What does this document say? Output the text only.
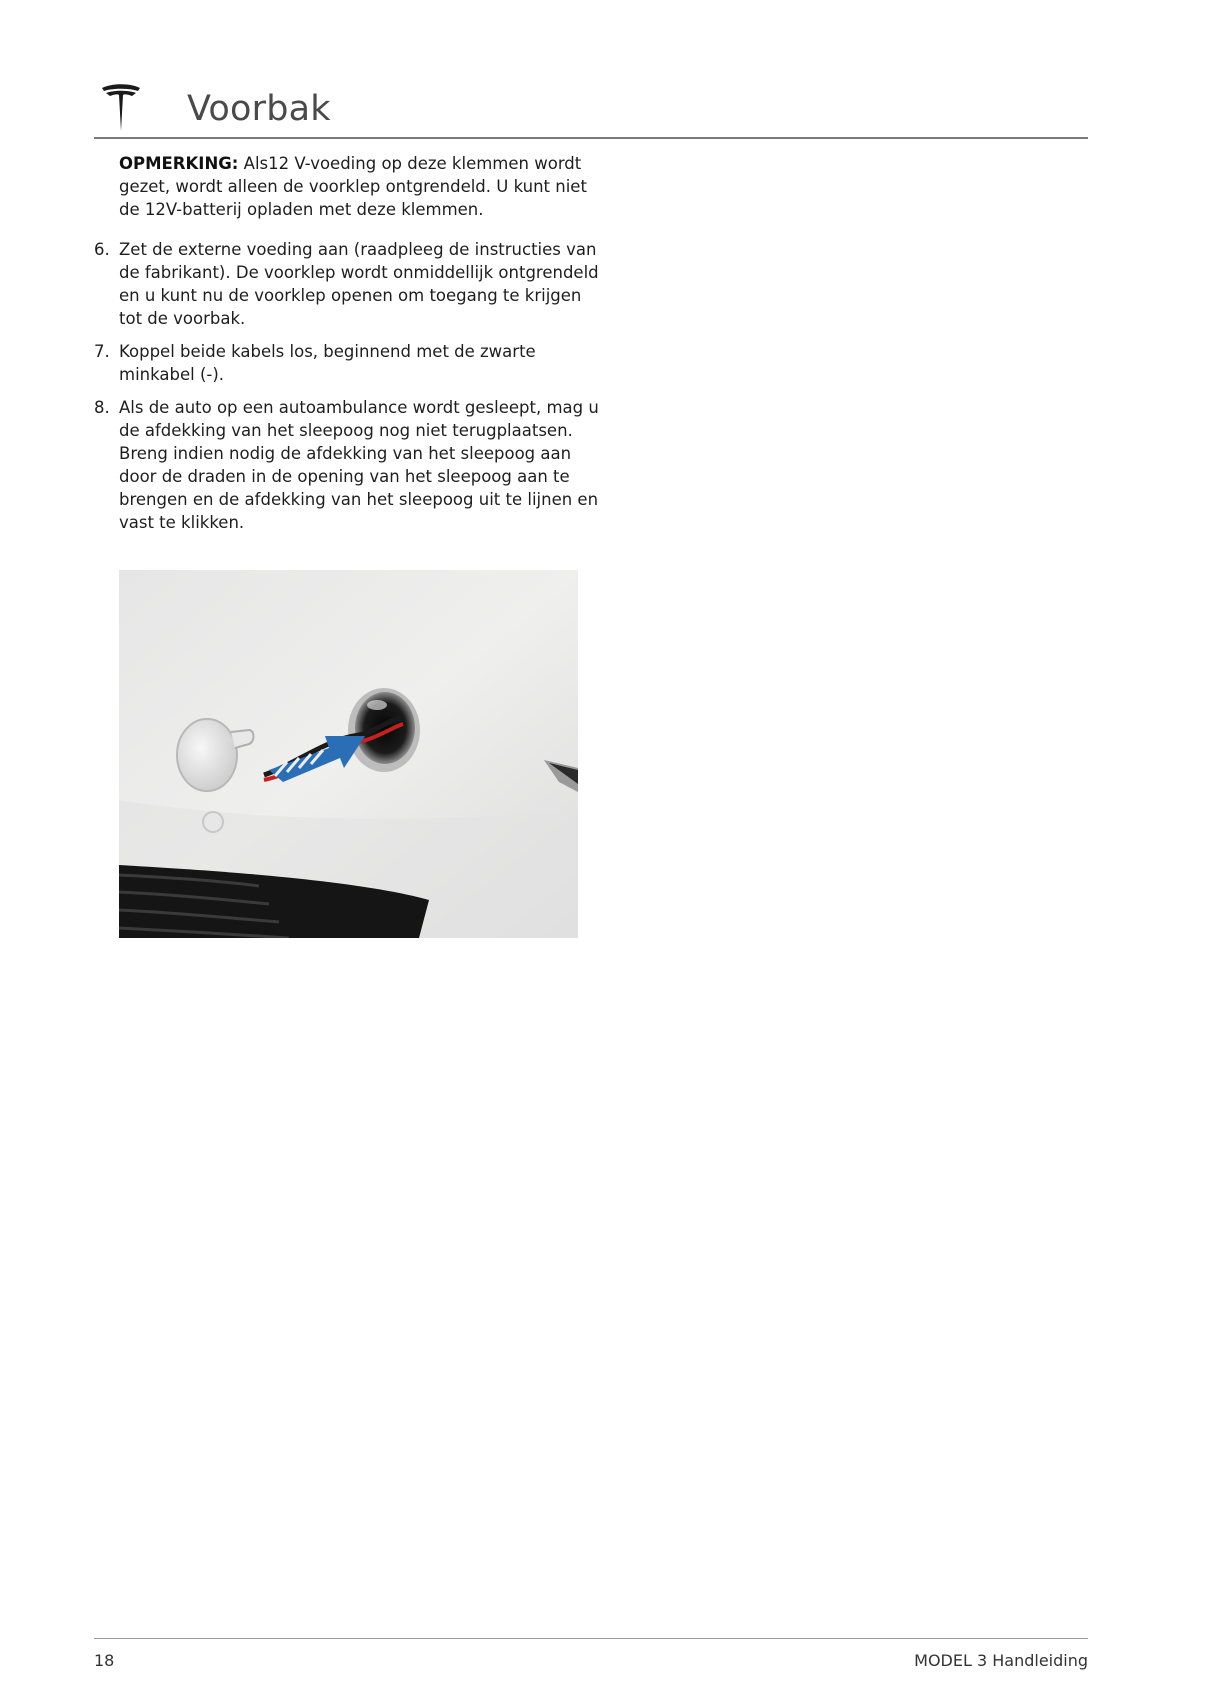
Voorbak

OPMERKING: Als12 V-voeding op deze klemmen wordt gezet, wordt alleen de voorklep ontgrendeld. U kunt niet de 12V-batterij opladen met deze klemmen.

6. Zet de externe voeding aan (raadpleeg de instructies van de fabrikant). De voorklep wordt onmiddellijk ontgrendeld en u kunt nu de voorklep openen om toegang te krijgen tot de voorbak.
7. Koppel beide kabels los, beginnend met de zwarte minkabel (-).
8. Als de auto op een autoambulance wordt gesleept, mag u de afdekking van het sleepoog nog niet terugplaatsen. Breng indien nodig de afdekking van het sleepoog aan door de draden in de opening van het sleepoog aan te brengen en de afdekking van het sleepoog uit te lijnen en vast te klikken.
18	MODEL 3 Handleiding
